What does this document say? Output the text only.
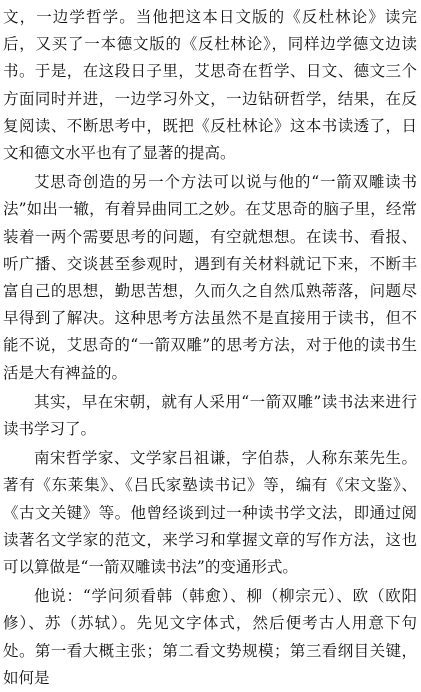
文，一边学哲学。当他把这本日文版的《反杜林论》读完后，又买了一本德文版的《反杜林论》，同样边学德文边读书。于是，在这段日子里，艾思奇在哲学、日文、德文三个方面同时并进，一边学习外文，一边钻研哲学，结果，在反复阅读、不断思考中，既把《反杜林论》这本书读透了，日文和德文水平也有了显著的提高。

艾思奇创造的另一个方法可以说与他的“一箭双雕读书法”如出一辙，有着异曲同工之妙。在艾思奇的脑子里，经常装着一两个需要思考的问题，有空就想想。在读书、看报、听广播、交谈甚至参观时，遇到有关材料就记下来，不断丰富自己的思想，勤思苦想，久而久之自然瓜熟蒂落，问题尽早得到了解决。这种思考方法虽然不是直接用于读书，但不能不说，艾思奇的“一箭双雕”的思考方法，对于他的读书生活是大有裨益的。

其实，早在宋朝，就有人采用“一箭双雕”读书法来进行读书学习了。

南宋哲学家、文学家吕祖谦，字伯恭，人称东莱先生。著有《东莱集》、《吕氏家塾读书记》等，编有《宋文鉴》、《古文关键》等。他曾经谈到过一种读书学文法，即通过阅读著名文学家的范文，来学习和掌握文章的写作方法，这也可以算做是“一箭双雕读书法”的变通形式。

他说：“学问须看韩（韩愈）、柳（柳宗元）、欧（欧阳修）、苏（苏轼）。先见文字体式，然后便考古人用意下句处。第一看大概主张；第二看文势规模；第三看纲目关键，如何是
